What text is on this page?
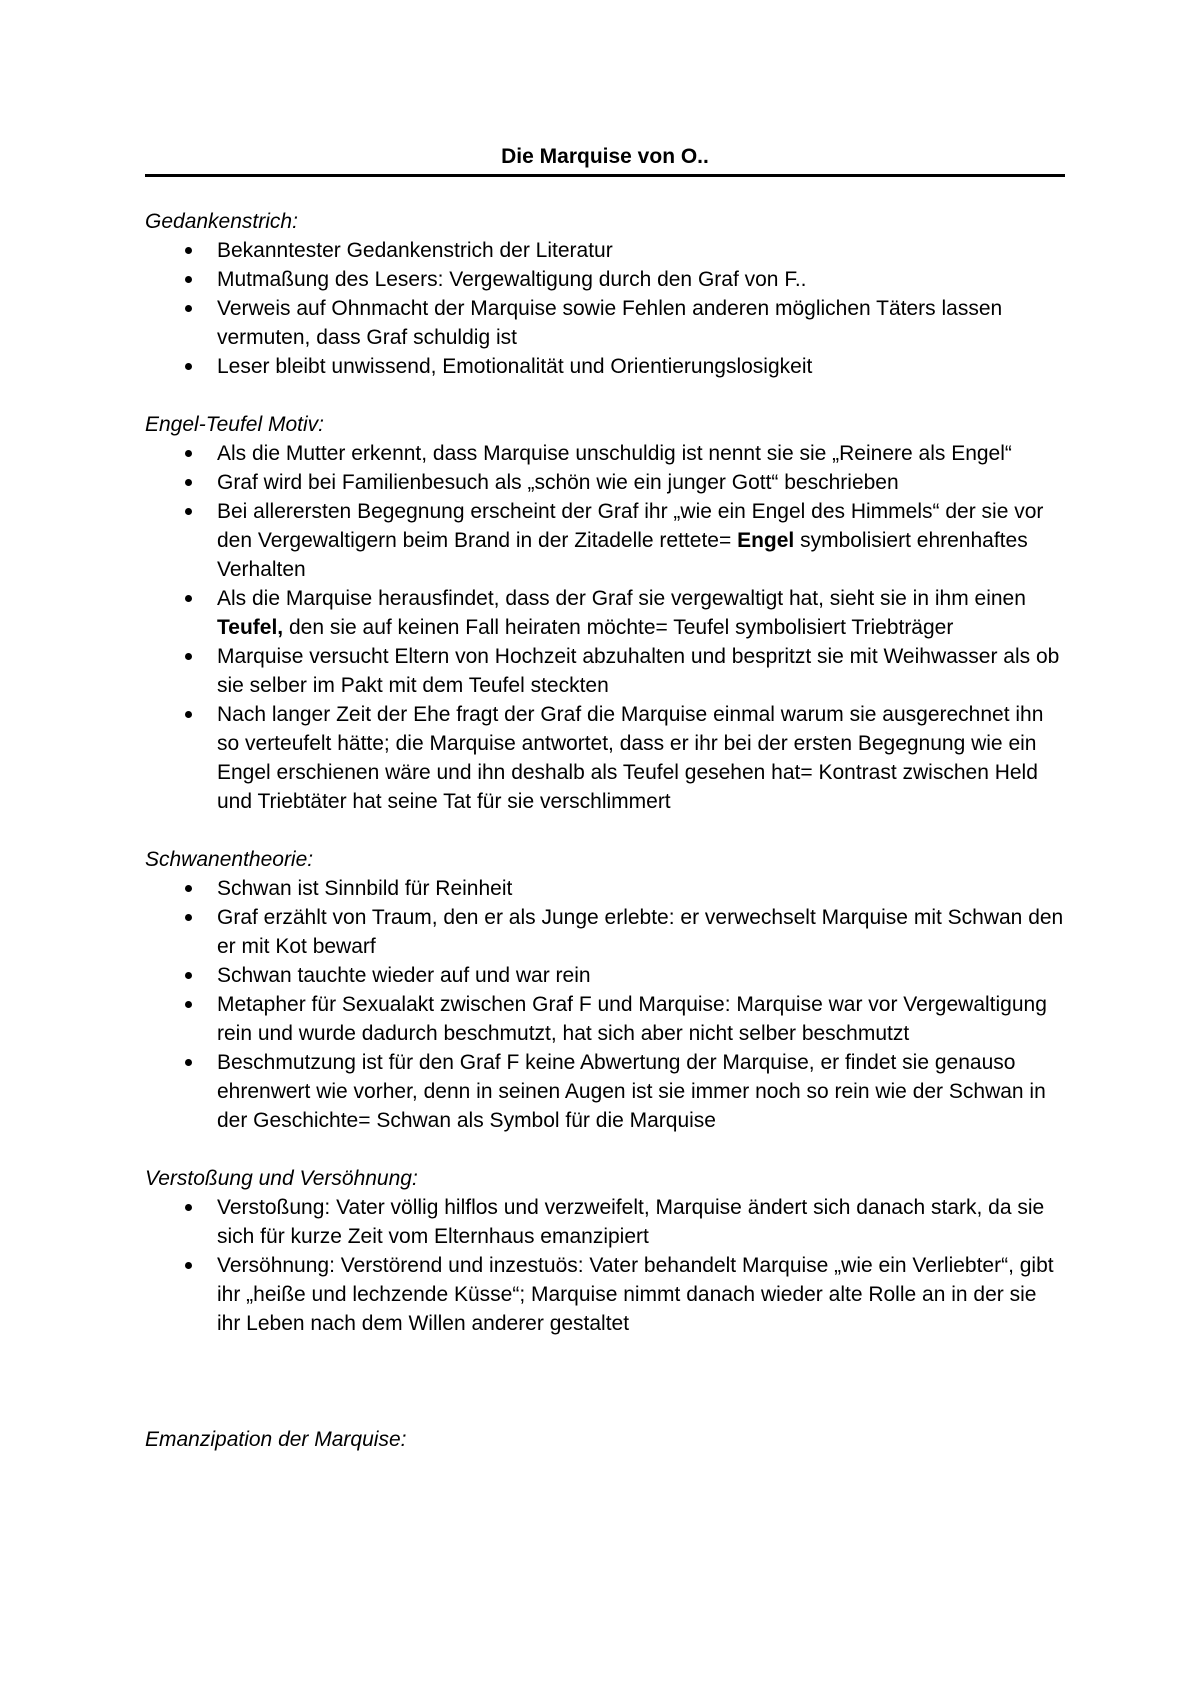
Die Marquise von O..

Gedankenstrich:

Bekanntester Gedankenstrich der Literatur
Mutmaßung des Lesers: Vergewaltigung durch den Graf von F..
Verweis auf Ohnmacht der Marquise sowie Fehlen anderen möglichen Täters lassen vermuten, dass Graf schuldig ist
Leser bleibt unwissend, Emotionalität und Orientierungslosigkeit

Engel-Teufel Motiv:

Als die Mutter erkennt, dass Marquise unschuldig ist nennt sie sie „Reinere als Engel“
Graf wird bei Familienbesuch als „schön wie ein junger Gott“ beschrieben
Bei allerersten Begegnung erscheint der Graf ihr „wie ein Engel des Himmels“ der sie vor den Vergewaltigern beim Brand in der Zitadelle rettete= Engel symbolisiert ehrenhaftes Verhalten
Als die Marquise herausfindet, dass der Graf sie vergewaltigt hat, sieht sie in ihm einen Teufel, den sie auf keinen Fall heiraten möchte= Teufel symbolisiert Triebträger
Marquise versucht Eltern von Hochzeit abzuhalten und bespritzt sie mit Weihwasser als ob sie selber im Pakt mit dem Teufel steckten
Nach langer Zeit der Ehe fragt der Graf die Marquise einmal warum sie ausgerechnet ihn so verteufelt hätte; die Marquise antwortet, dass er ihr bei der ersten Begegnung wie ein Engel erschienen wäre und ihn deshalb als Teufel gesehen hat= Kontrast zwischen Held und Triebtäter hat seine Tat für sie verschlimmert

Schwanentheorie:

Schwan ist Sinnbild für Reinheit
Graf erzählt von Traum, den er als Junge erlebte: er verwechselt Marquise mit Schwan den er mit Kot bewarf
Schwan tauchte wieder auf und war rein
Metapher für Sexualakt zwischen Graf F und Marquise: Marquise war vor Vergewaltigung rein und wurde dadurch beschmutzt, hat sich aber nicht selber beschmutzt
Beschmutzung ist für den Graf F keine Abwertung der Marquise, er findet sie genauso ehrenwert wie vorher, denn in seinen Augen ist sie immer noch so rein wie der Schwan in der Geschichte= Schwan als Symbol für die Marquise

Verstoßung und Versöhnung:

Verstoßung: Vater völlig hilflos und verzweifelt, Marquise ändert sich danach stark, da sie sich für kurze Zeit vom Elternhaus emanzipiert
Versöhnung: Verstörend und inzestuös: Vater behandelt Marquise „wie ein Verliebter“, gibt ihr „heiße und lechzende Küsse“; Marquise nimmt danach wieder alte Rolle an in der sie ihr Leben nach dem Willen anderer gestaltet

Emanzipation der Marquise:
